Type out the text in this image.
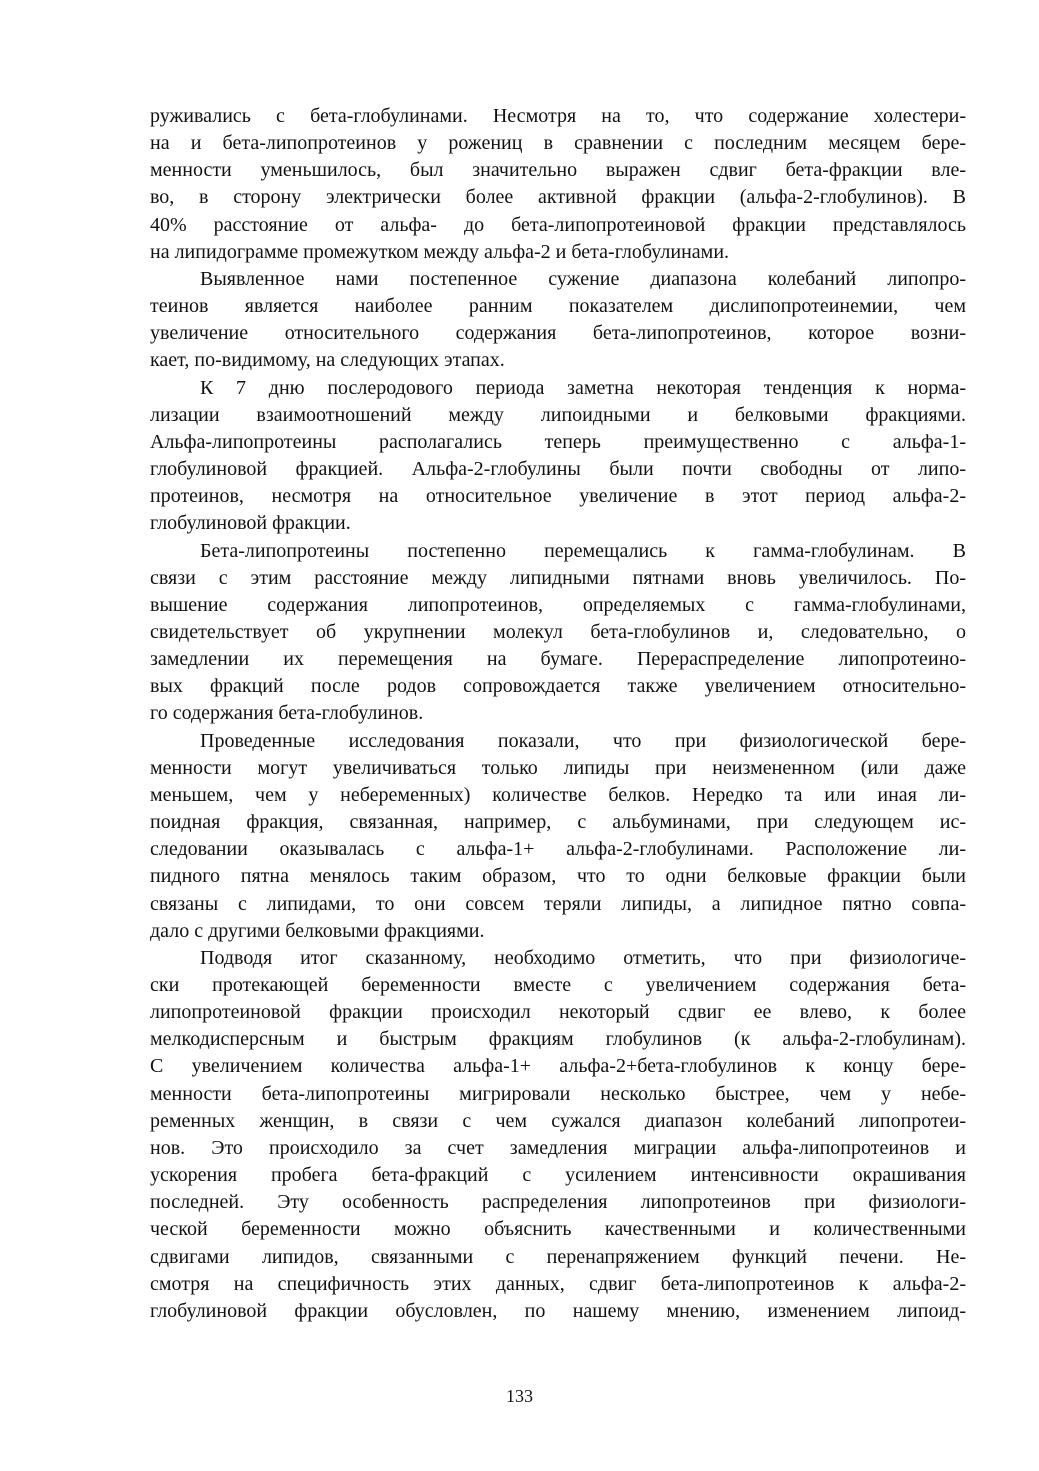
руживались с бета-глобулинами. Несмотря на то, что содержание холестери-
на и бета-липопротеинов у рожениц в сравнении с последним месяцем бере-
менности уменьшилось, был значительно выражен сдвиг бета-фракции вле-
во, в сторону электрически более активной фракции (альфа-2-глобулинов). В
40% расстояние от альфа- до бета-липопротеиновой фракции представлялось
на липидограмме промежутком между альфа-2 и бета-глобулинами.
Выявленное нами постепенное сужение диапазона колебаний липопро-
теинов является наиболее ранним показателем дислипопротеинемии, чем
увеличение относительного содержания бета-липопротеинов, которое возни-
кает, по-видимому, на следующих этапах.
К 7 дню послеродового периода заметна некоторая тенденция к норма-
лизации взаимоотношений между липоидными и белковыми фракциями.
Альфа-липопротеины располагались теперь преимущественно с альфа-1-
глобулиновой фракцией. Альфа-2-глобулины были почти свободны от липо-
протеинов, несмотря на относительное увеличение в этот период альфа-2-
глобулиновой фракции.
Бета-липопротеины постепенно перемещались к гамма-глобулинам. В
связи с этим расстояние между липидными пятнами вновь увеличилось. По-
вышение содержания липопротеинов, определяемых с гамма-глобулинами,
свидетельствует об укрупнении молекул бета-глобулинов и, следовательно, о
замедлении их перемещения на бумаге. Перераспределение липопротеино-
вых фракций после родов сопровождается также увеличением относительно-
го содержания бета-глобулинов.
Проведенные исследования показали, что при физиологической бере-
менности могут увеличиваться только липиды при неизмененном (или даже
меньшем, чем у небеременных) количестве белков. Нередко та или иная ли-
поидная фракция, связанная, например, с альбуминами, при следующем ис-
следовании оказывалась с альфа-1+ альфа-2-глобулинами. Расположение ли-
пидного пятна менялось таким образом, что то одни белковые фракции были
связаны с липидами, то они совсем теряли липиды, а липидное пятно совпа-
дало с другими белковыми фракциями.
Подводя итог сказанному, необходимо отметить, что при физиологиче-
ски протекающей беременности вместе с увеличением содержания бета-
липопротеиновой фракции происходил некоторый сдвиг ее влево, к более
мелкодисперсным и быстрым фракциям глобулинов (к альфа-2-глобулинам).
С увеличением количества альфа-1+ альфа-2+бета-глобулинов к концу бере-
менности бета-липопротеины мигрировали несколько быстрее, чем у небе-
ременных женщин, в связи с чем сужался диапазон колебаний липопротеи-
нов. Это происходило за счет замедления миграции альфа-липопротеинов и
ускорения пробега бета-фракций с усилением интенсивности окрашивания
последней. Эту особенность распределения липопротеинов при физиологи-
ческой беременности можно объяснить качественными и количественными
сдвигами липидов, связанными с перенапряжением функций печени. Не-
смотря на специфичность этих данных, сдвиг бета-липопротеинов к альфа-2-
глобулиновой фракции обусловлен, по нашему мнению, изменением липоид-
133
